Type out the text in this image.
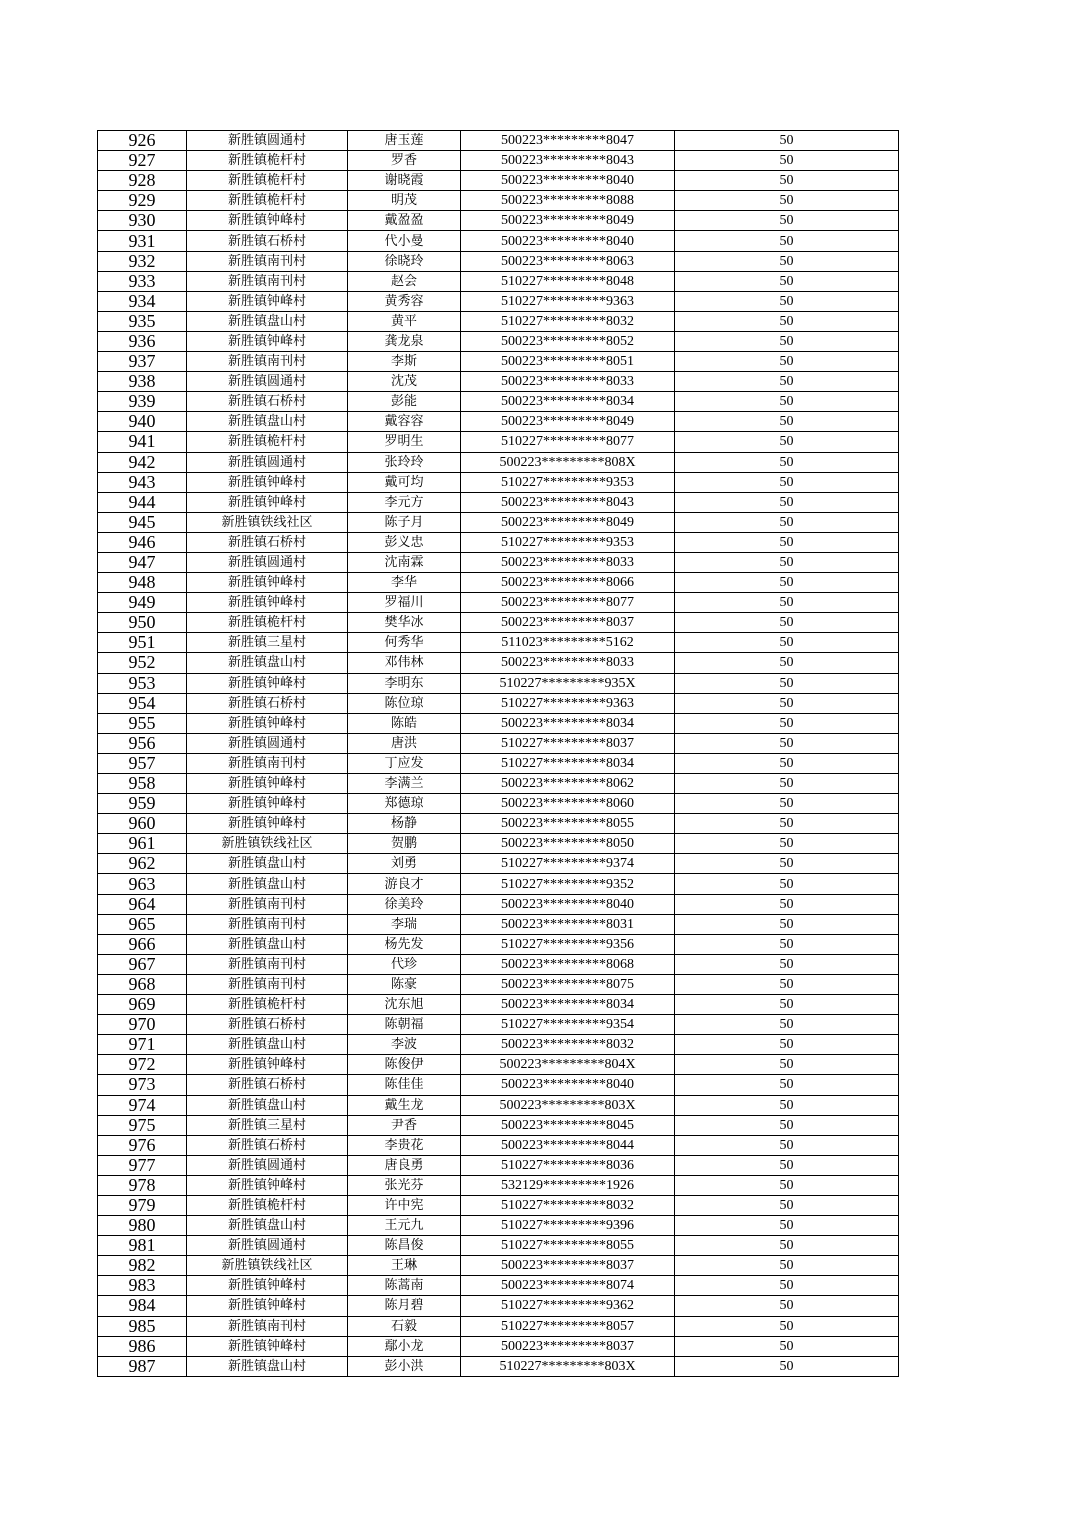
926	新胜镇圆通村	唐玉莲	500223*********8047	50
927	新胜镇桅杆村	罗香	500223*********8043	50
928	新胜镇桅杆村	谢晓霞	500223*********8040	50
929	新胜镇桅杆村	明茂	500223*********8088	50
930	新胜镇钟峰村	戴盈盈	500223*********8049	50
931	新胜镇石桥村	代小曼	500223*********8040	50
932	新胜镇南刊村	徐晓玲	500223*********8063	50
933	新胜镇南刊村	赵会	510227*********8048	50
934	新胜镇钟峰村	黄秀容	510227*********9363	50
935	新胜镇盘山村	黄平	510227*********8032	50
936	新胜镇钟峰村	龚龙泉	500223*********8052	50
937	新胜镇南刊村	李斯	500223*********8051	50
938	新胜镇圆通村	沈茂	500223*********8033	50
939	新胜镇石桥村	彭能	500223*********8034	50
940	新胜镇盘山村	戴容容	500223*********8049	50
941	新胜镇桅杆村	罗明生	510227*********8077	50
942	新胜镇圆通村	张玲玲	500223*********808X	50
943	新胜镇钟峰村	戴可均	510227*********9353	50
944	新胜镇钟峰村	李元方	500223*********8043	50
945	新胜镇铁线社区	陈子月	500223*********8049	50
946	新胜镇石桥村	彭义忠	510227*********9353	50
947	新胜镇圆通村	沈南霖	500223*********8033	50
948	新胜镇钟峰村	李华	500223*********8066	50
949	新胜镇钟峰村	罗福川	500223*********8077	50
950	新胜镇桅杆村	樊华冰	500223*********8037	50
951	新胜镇三星村	何秀华	511023*********5162	50
952	新胜镇盘山村	邓伟林	500223*********8033	50
953	新胜镇钟峰村	李明东	510227*********935X	50
954	新胜镇石桥村	陈位琼	510227*********9363	50
955	新胜镇钟峰村	陈皓	500223*********8034	50
956	新胜镇圆通村	唐洪	510227*********8037	50
957	新胜镇南刊村	丁应发	510227*********8034	50
958	新胜镇钟峰村	李满兰	500223*********8062	50
959	新胜镇钟峰村	郑德琼	500223*********8060	50
960	新胜镇钟峰村	杨静	500223*********8055	50
961	新胜镇铁线社区	贺鹏	500223*********8050	50
962	新胜镇盘山村	刘勇	510227*********9374	50
963	新胜镇盘山村	游良才	510227*********9352	50
964	新胜镇南刊村	徐美玲	500223*********8040	50
965	新胜镇南刊村	李瑞	500223*********8031	50
966	新胜镇盘山村	杨先发	510227*********9356	50
967	新胜镇南刊村	代珍	500223*********8068	50
968	新胜镇南刊村	陈豪	500223*********8075	50
969	新胜镇桅杆村	沈东旭	500223*********8034	50
970	新胜镇石桥村	陈朝福	510227*********9354	50
971	新胜镇盘山村	李波	500223*********8032	50
972	新胜镇钟峰村	陈俊伊	500223*********804X	50
973	新胜镇石桥村	陈佳佳	500223*********8040	50
974	新胜镇盘山村	戴生龙	500223*********803X	50
975	新胜镇三星村	尹香	500223*********8045	50
976	新胜镇石桥村	李贵花	500223*********8044	50
977	新胜镇圆通村	唐良勇	510227*********8036	50
978	新胜镇钟峰村	张光芬	532129*********1926	50
979	新胜镇桅杆村	许中宪	510227*********8032	50
980	新胜镇盘山村	王元九	510227*********9396	50
981	新胜镇圆通村	陈昌俊	510227*********8055	50
982	新胜镇铁线社区	王琳	500223*********8037	50
983	新胜镇钟峰村	陈蒿南	500223*********8074	50
984	新胜镇钟峰村	陈月碧	510227*********9362	50
985	新胜镇南刊村	石毅	510227*********8057	50
986	新胜镇钟峰村	鄢小龙	500223*********8037	50
987	新胜镇盘山村	彭小洪	510227*********803X	50
